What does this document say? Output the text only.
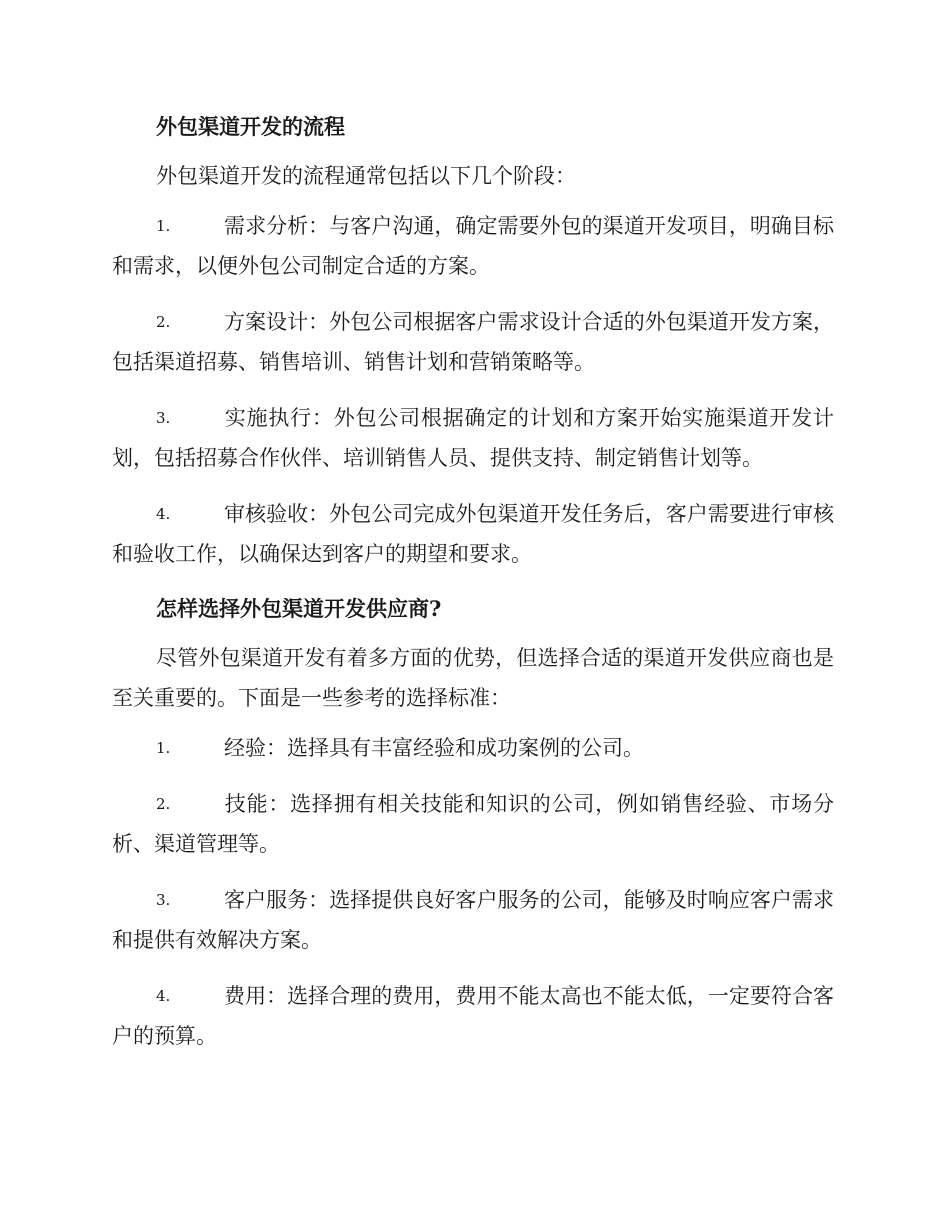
外包渠道开发的流程
外包渠道开发的流程通常包括以下几个阶段：
1.	需求分析：与客户沟通，确定需要外包的渠道开发项目，明确目标和需求，以便外包公司制定合适的方案。
2.	方案设计：外包公司根据客户需求设计合适的外包渠道开发方案，包括渠道招募、销售培训、销售计划和营销策略等。
3.	实施执行：外包公司根据确定的计划和方案开始实施渠道开发计划，包括招募合作伙伴、培训销售人员、提供支持、制定销售计划等。
4.	审核验收：外包公司完成外包渠道开发任务后，客户需要进行审核和验收工作，以确保达到客户的期望和要求。
怎样选择外包渠道开发供应商?
尽管外包渠道开发有着多方面的优势，但选择合适的渠道开发供应商也是至关重要的。下面是一些参考的选择标准：
1.	经验：选择具有丰富经验和成功案例的公司。
2.	技能：选择拥有相关技能和知识的公司，例如销售经验、市场分析、渠道管理等。
3.	客户服务：选择提供良好客户服务的公司，能够及时响应客户需求和提供有效解决方案。
4.	费用：选择合理的费用，费用不能太高也不能太低，一定要符合客户的预算。
